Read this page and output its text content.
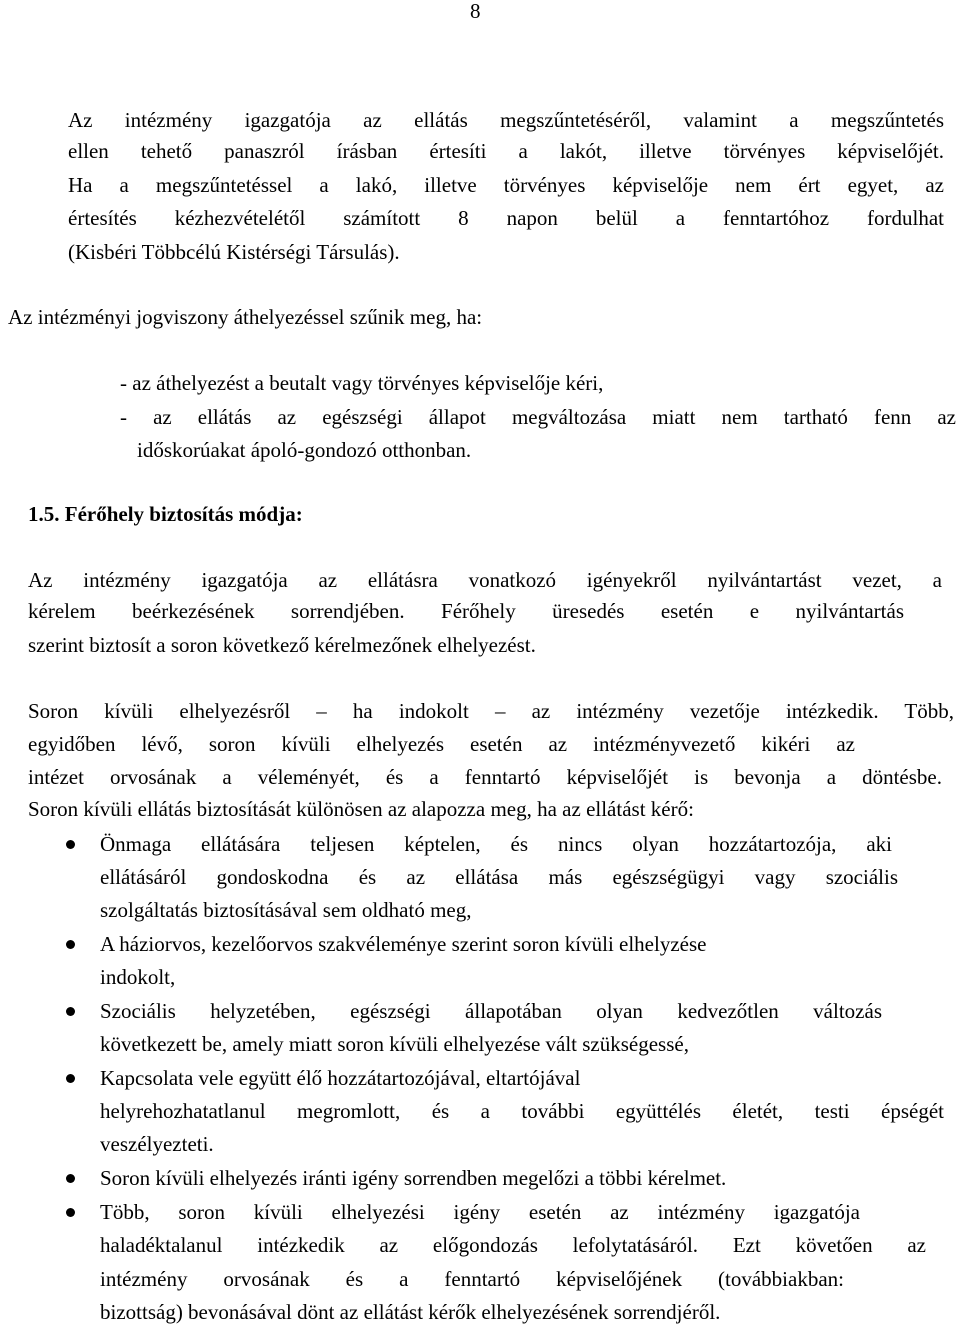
8
Az intézmény igazgatója az ellátás megszűntetéséről, valamint a megszűntetés
ellen tehető panaszról írásban értesíti a lakót, illetve törvényes képviselőjét.
Ha a megszűntetéssel a lakó, illetve törvényes képviselője nem ért egyet, az
értesítés kézhezvételétől számított 8 napon belül a fenntartóhoz fordulhat
(Kisbéri Többcélú Kistérségi Társulás).
Az intézményi jogviszony áthelyezéssel szűnik meg, ha:
- az áthelyezést a beutalt vagy törvényes képviselője kéri,
- az ellátás az egészségi állapot megváltozása miatt nem tartható fenn az
időskorúakat ápoló-gondozó otthonban.
1.5. Férőhely biztosítás módja:
Az intézmény igazgatója az ellátásra vonatkozó igényekről nyilvántartást vezet, a
kérelem beérkezésének sorrendjében. Férőhely üresedés esetén e nyilvántartás
szerint biztosít a soron következő kérelmezőnek elhelyezést.
Soron kívüli elhelyezésről – ha indokolt – az intézmény vezetője intézkedik. Több,
egyidőben lévő, soron kívüli elhelyezés esetén az intézményvezető kikéri az
intézet orvosának a véleményét, és a fenntartó képviselőjét is bevonja a döntésbe.
Soron kívüli ellátás biztosítását különösen az alapozza meg, ha az ellátást kérő:
Önmaga ellátására teljesen képtelen, és nincs olyan hozzátartozója, aki
ellátásáról gondoskodna és az ellátása más egészségügyi vagy szociális
szolgáltatás biztosításával sem oldható meg,
A háziorvos, kezelőorvos szakvéleménye szerint soron kívüli elhelyzése
indokolt,
Szociális helyzetében, egészségi állapotában olyan kedvezőtlen változás
következett be, amely miatt soron kívüli elhelyezése vált szükségessé,
Kapcsolata vele együtt élő hozzátartozójával, eltartójával
helyrehozhatatlanul megromlott, és a további együttélés életét, testi épségét
veszélyezteti.
Soron kívüli elhelyezés iránti igény sorrendben megelőzi a többi kérelmet.
Több, soron kívüli elhelyezési igény esetén az intézmény igazgatója
haladéktalanul intézkedik az előgondozás lefolytatásáról. Ezt követően az
intézmény orvosának és a fenntartó képviselőjének (továbbiakban:
bizottság) bevonásával dönt az ellátást kérők elhelyezésének sorrendjéről.
